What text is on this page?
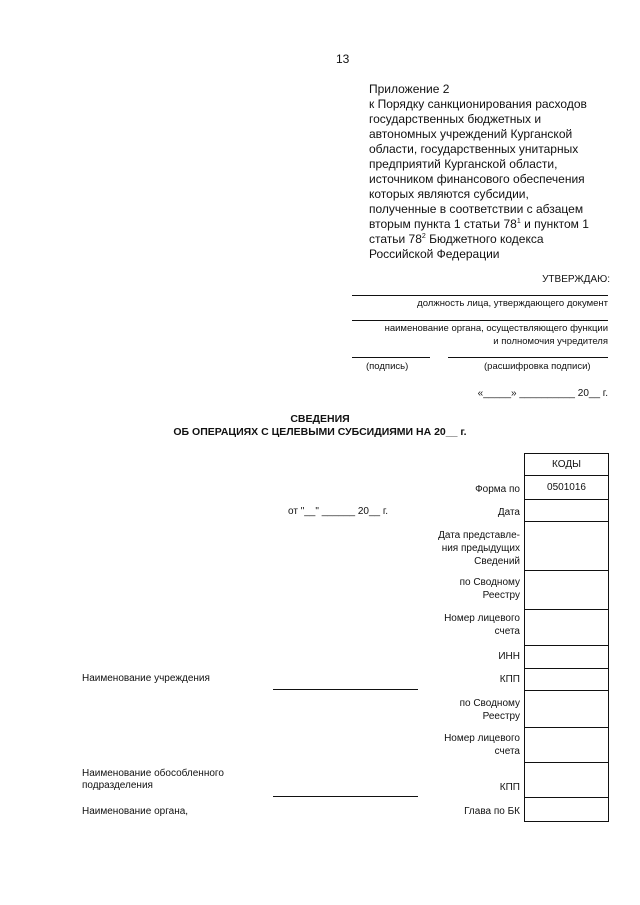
13
Приложение 2
к Порядку санкционирования расходов
государственных бюджетных и
автономных учреждений Курганской
области, государственных унитарных
предприятий Курганской области,
источником финансового обеспечения
которых являются субсидии,
полученные в соответствии с абзацем
вторым пункта 1 статьи $78^1$ и пунктом 1
статьи $78^2$ Бюджетного кодекса
Российской Федерации
УТВЕРЖДАЮ:
должность лица, утверждающего документ
наименование органа, осуществляющего функции
и полномочия учредителя
(подпись)	(расшифровка подписи)
«_____» __________ 20__ г.
СВЕДЕНИЯ
ОБ ОПЕРАЦИЯХ С ЦЕЛЕВЫМИ СУБСИДИЯМИ НА 20__ г.
КОДЫ
0501016
Форма по
от "__" ______ 20__ г.	Дата
Дата представле-
ния предыдущих
Сведений
по Сводному
Реестру
Номер лицевого
счета
ИНН
КПП
по Сводному
Реестру
Номер лицевого
счета
КПП
Глава по БК
Наименование учреждения
Наименование обособленного
подразделения
Наименование органа,
